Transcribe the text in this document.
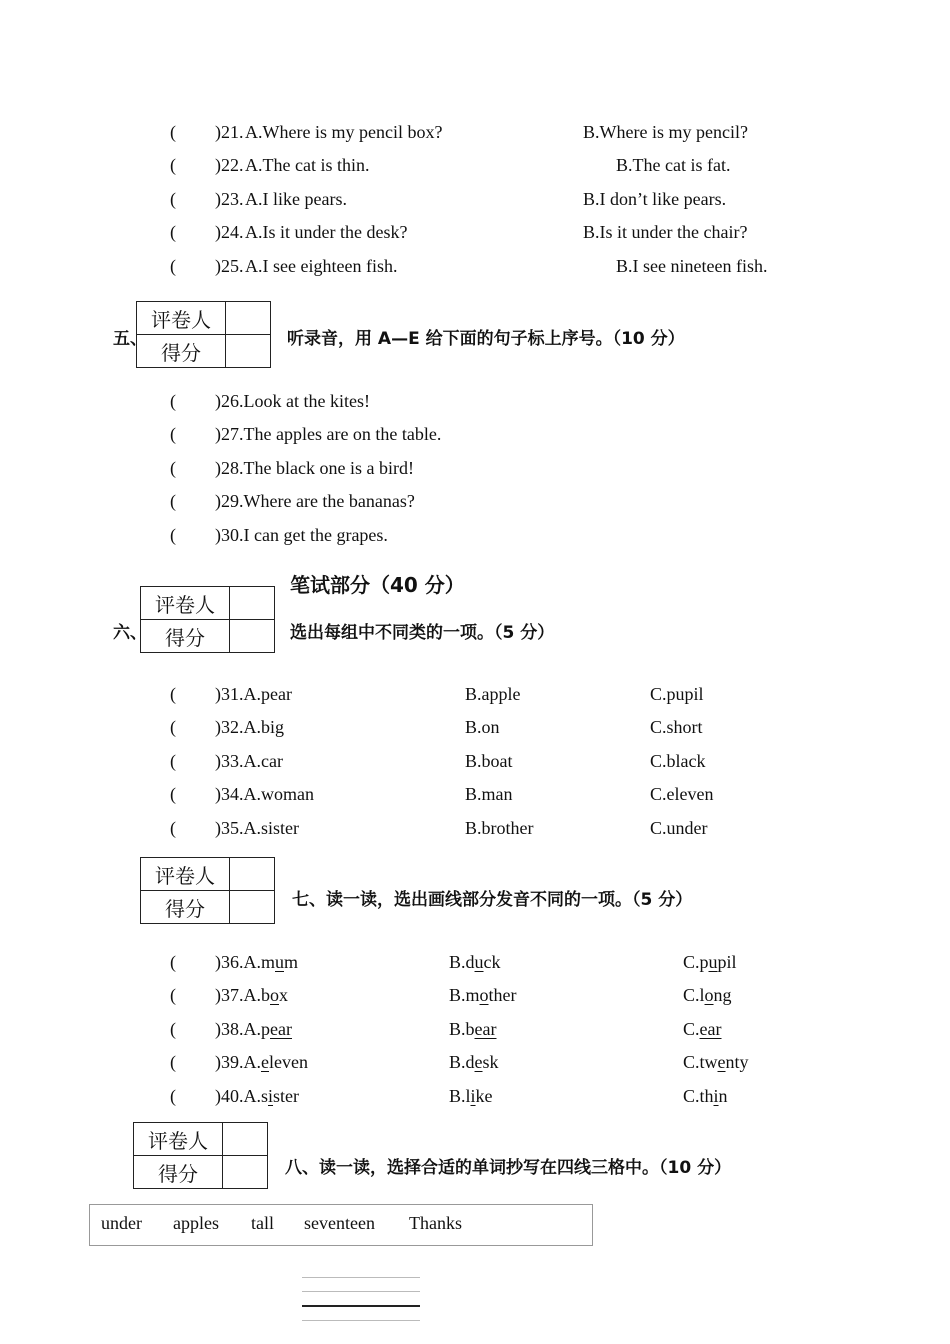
( )21. A.Where is my pencil box?	B.Where is my pencil?
( )22. A.The cat is thin.	B.The cat is fat.
( )23. A.I like pears.	B.I don’t like pears.
( )24. A.Is it under the desk?	B.Is it under the chair?
( )25. A.I see eighteen fish.	B.I see nineteen fish.
五、
评卷人	
得分	
听录音，用 A—E 给下面的句子标上序号。（10 分）
( )26.Look at the kites!
( )27.The apples are on the table.
( )28.The black one is a bird!
( )29.Where are the bananas?
( )30.I can get the grapes.
笔试部分（40 分）
六、
评卷人	
得分		选出每组中不同类的一项。（5 分）
( )31.A.pear	B.apple	C.pupil
( )32.A.big	B.on	C.short
( )33.A.car	B.boat	C.black
( )34.A.woman	B.man	C.eleven
( )35.A.sister	B.brother	C.under
评卷人	
得分		七、读一读，选出画线部分发音不同的一项。（5 分）
( )36.A.mum	B.duck	C.pupil
( )37.A.box	B.mother	C.long
( )38.A.pear	B.bear	C.ear
( )39.A.eleven	B.desk	C.twenty
( )40.A.sister	B.like	C.thin
评卷人	
得分		八、读一读，选择合适的单词抄写在四线三格中。（10 分）
under apples tall seventeen Thanks
